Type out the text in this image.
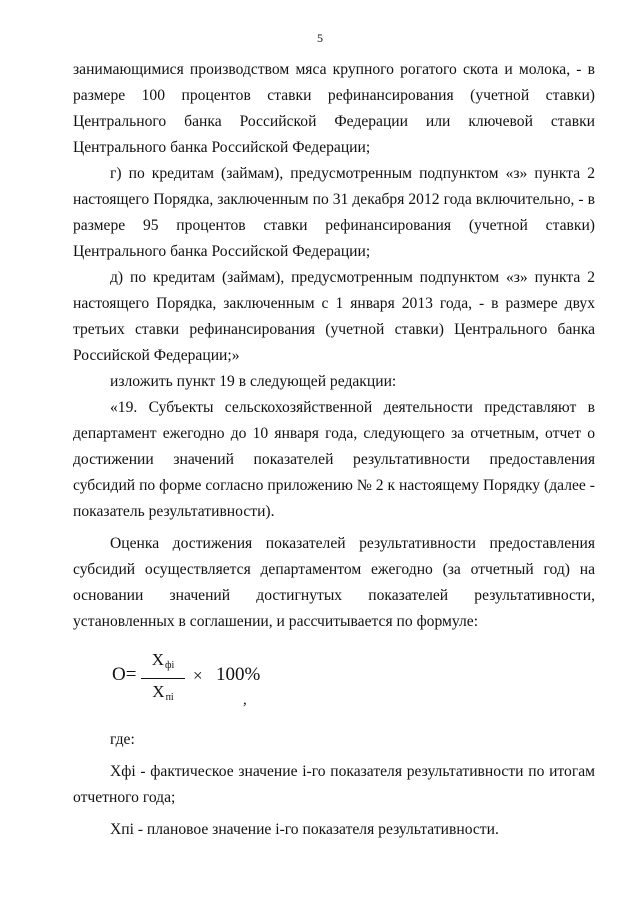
5

занимающимися производством мяса крупного рогатого скота и молока, - в размере 100 процентов ставки рефинансирования (учетной ставки) Центрального банка Российской Федерации или ключевой ставки Центрального банка Российской Федерации;

г) по кредитам (займам), предусмотренным подпунктом «з» пункта 2 настоящего Порядка, заключенным по 31 декабря 2012 года включительно, - в размере 95 процентов ставки рефинансирования (учетной ставки) Центрального банка Российской Федерации;

д) по кредитам (займам), предусмотренным подпунктом «з» пункта 2 настоящего Порядка, заключенным с 1 января 2013 года, - в размере двух третьих ставки рефинансирования (учетной ставки) Центрального банка Российской Федерации;»

изложить пункт 19 в следующей редакции:

«19. Субъекты сельскохозяйственной деятельности представляют в департамент ежегодно до 10 января года, следующего за отчетным, отчет о достижении значений показателей результативности предоставления субсидий по форме согласно приложению № 2 к настоящему Порядку (далее - показатель результативности).

Оценка достижения показателей результативности предоставления субсидий осуществляется департаментом ежегодно (за отчетный год) на основании значений достигнутых показателей результативности, установленных в соглашении, и рассчитывается по формуле:

O=
Xфi
Xпi
× 100%
,

где:

Xфi - фактическое значение i-го показателя результативности по итогам отчетного года;

Xпi - плановое значение i-го показателя результативности.
